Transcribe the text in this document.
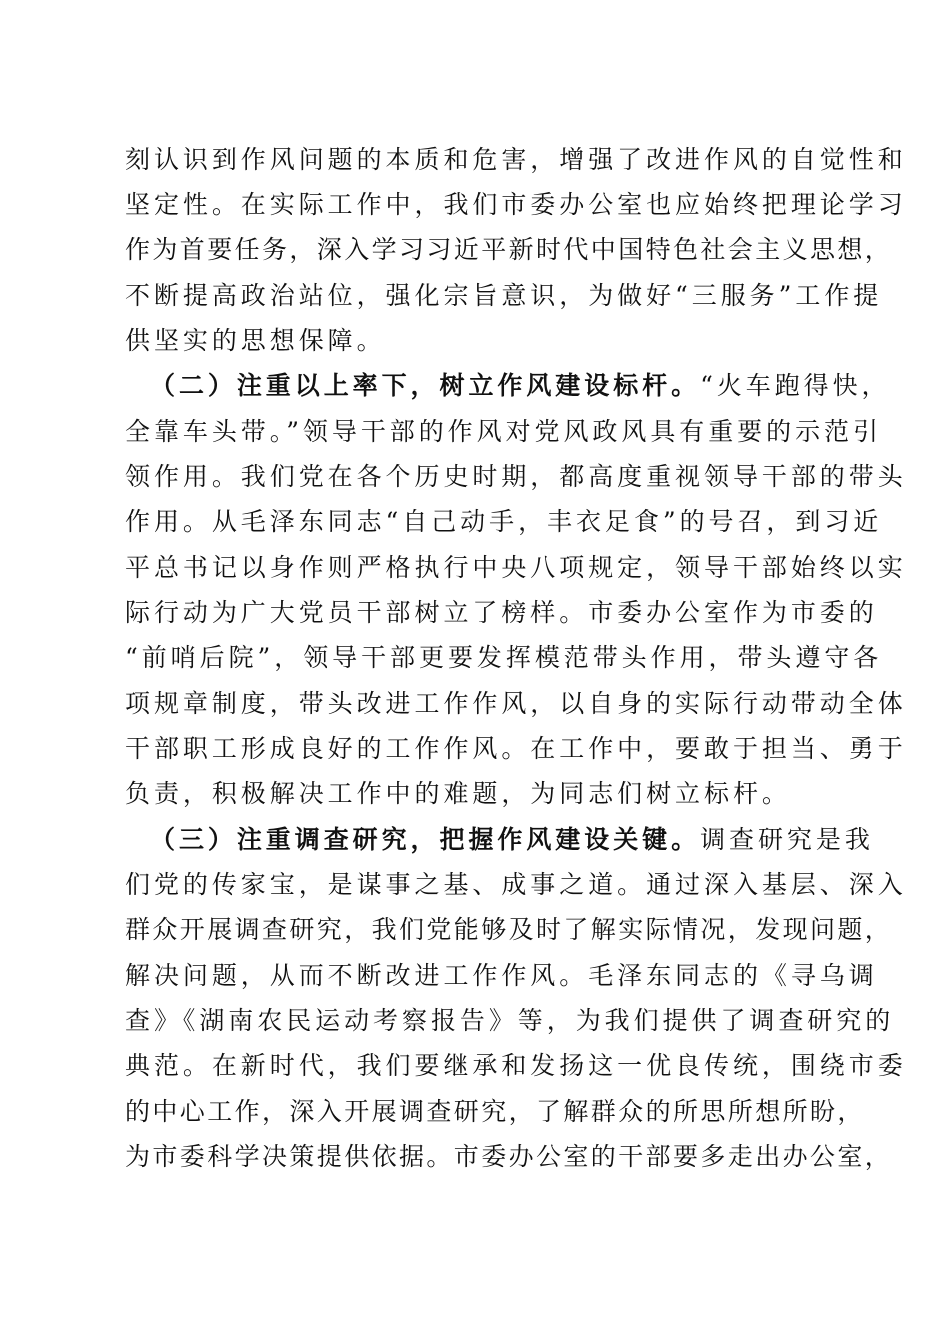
刻认识到作风问题的本质和危害，增强了改进作风的自觉性和
坚定性。在实际工作中，我们市委办公室也应始终把理论学习
作为首要任务，深入学习习近平新时代中国特色社会主义思想，
不断提高政治站位，强化宗旨意识，为做好“三服务”工作提
供坚实的思想保障。
（二）注重以上率下，树立作风建设标杆。“火车跑得快，
全靠车头带。”领导干部的作风对党风政风具有重要的示范引
领作用。我们党在各个历史时期，都高度重视领导干部的带头
作用。从毛泽东同志“自己动手，丰衣足食”的号召，到习近
平总书记以身作则严格执行中央八项规定，领导干部始终以实
际行动为广大党员干部树立了榜样。市委办公室作为市委的
“前哨后院”，领导干部更要发挥模范带头作用，带头遵守各
项规章制度，带头改进工作作风，以自身的实际行动带动全体
干部职工形成良好的工作作风。在工作中，要敢于担当、勇于
负责，积极解决工作中的难题，为同志们树立标杆。
（三）注重调查研究，把握作风建设关键。调查研究是我
们党的传家宝，是谋事之基、成事之道。通过深入基层、深入
群众开展调查研究，我们党能够及时了解实际情况，发现问题，
解决问题，从而不断改进工作作风。毛泽东同志的《寻乌调
查》《湖南农民运动考察报告》等，为我们提供了调查研究的
典范。在新时代，我们要继承和发扬这一优良传统，围绕市委
的中心工作，深入开展调查研究，了解群众的所思所想所盼，
为市委科学决策提供依据。市委办公室的干部要多走出办公室，
